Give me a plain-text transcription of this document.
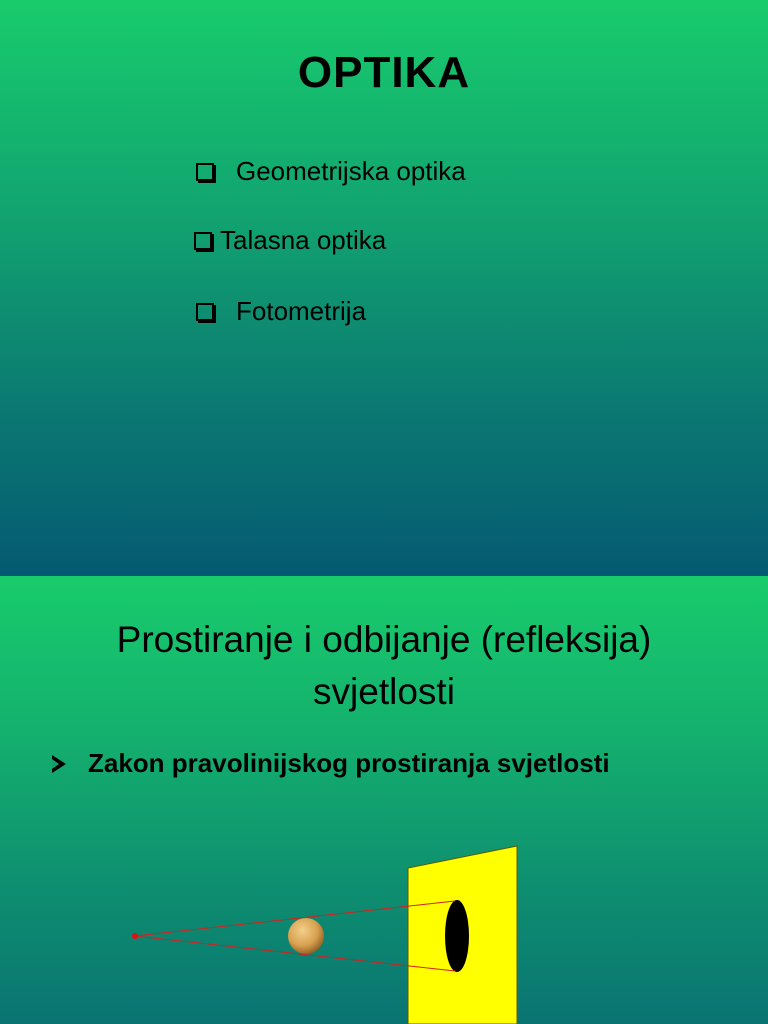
OPTIKA
Geometrijska optika
Talasna optika
Fotometrija
Prostiranje i odbijanje (refleksija)
svjetlosti
Zakon pravolinijskog prostiranja svjetlosti
